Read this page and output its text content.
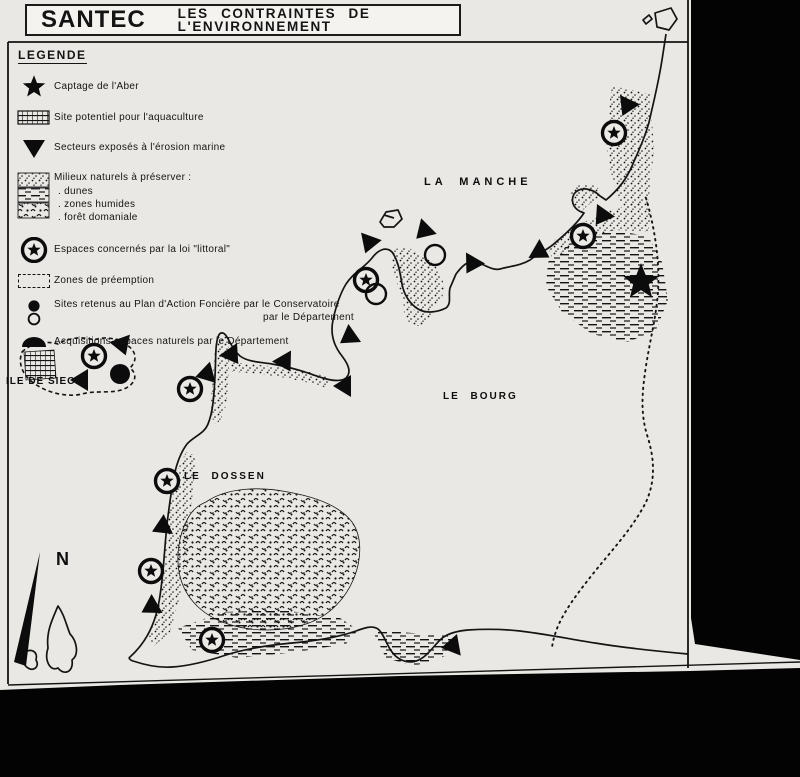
SANTEC LES CONTRAINTES DE L'ENVIRONNEMENT
LEGENDE
Captage de l'Aber
Site potentiel pour l'aquaculture
Secteurs exposés à l'érosion marine
Milieux naturels à préserver :
. dunes
. zones humides
. forêt domaniale
Espaces concernés par la loi "littoral"
Zones de préemption
Sites retenus au Plan d'Action Foncière par le Conservatoire
par le Département
Acquisitions espaces naturels par le Département
LA MANCHE
LE BOURG
LE DOSSEN
ILE DE SIECK
N
